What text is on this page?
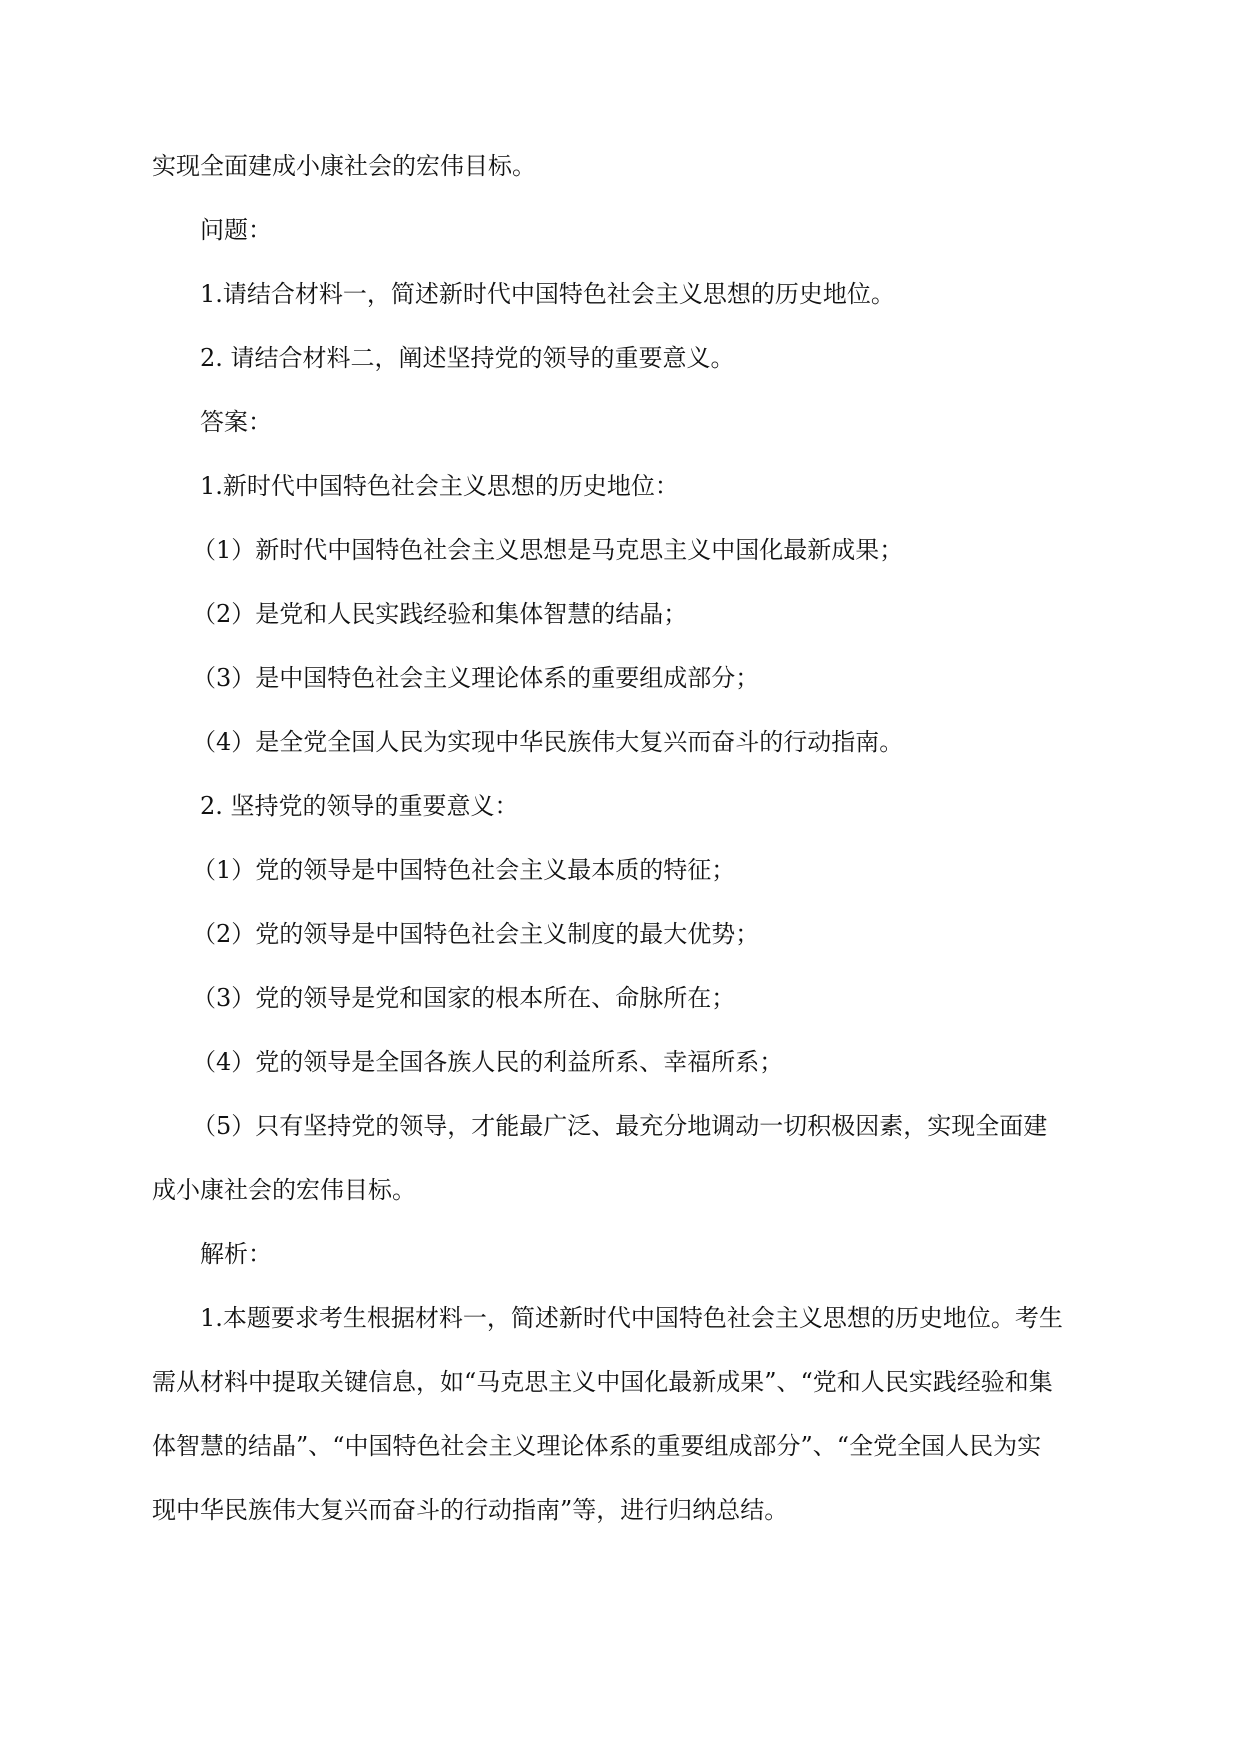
实现全面建成小康社会的宏伟目标。

问题：

1.请结合材料一，简述新时代中国特色社会主义思想的历史地位。

2. 请结合材料二，阐述坚持党的领导的重要意义。

答案：

1.新时代中国特色社会主义思想的历史地位：

（1）新时代中国特色社会主义思想是马克思主义中国化最新成果；

（2）是党和人民实践经验和集体智慧的结晶；

（3）是中国特色社会主义理论体系的重要组成部分；

（4）是全党全国人民为实现中华民族伟大复兴而奋斗的行动指南。

2. 坚持党的领导的重要意义：

（1）党的领导是中国特色社会主义最本质的特征；

（2）党的领导是中国特色社会主义制度的最大优势；

（3）党的领导是党和国家的根本所在、命脉所在；

（4）党的领导是全国各族人民的利益所系、幸福所系；

（5）只有坚持党的领导，才能最广泛、最充分地调动一切积极因素，实现全面建

成小康社会的宏伟目标。

解析：

1.本题要求考生根据材料一，简述新时代中国特色社会主义思想的历史地位。考生

需从材料中提取关键信息，如“马克思主义中国化最新成果”、“党和人民实践经验和集

体智慧的结晶”、“中国特色社会主义理论体系的重要组成部分”、“全党全国人民为实

现中华民族伟大复兴而奋斗的行动指南”等，进行归纳总结。
